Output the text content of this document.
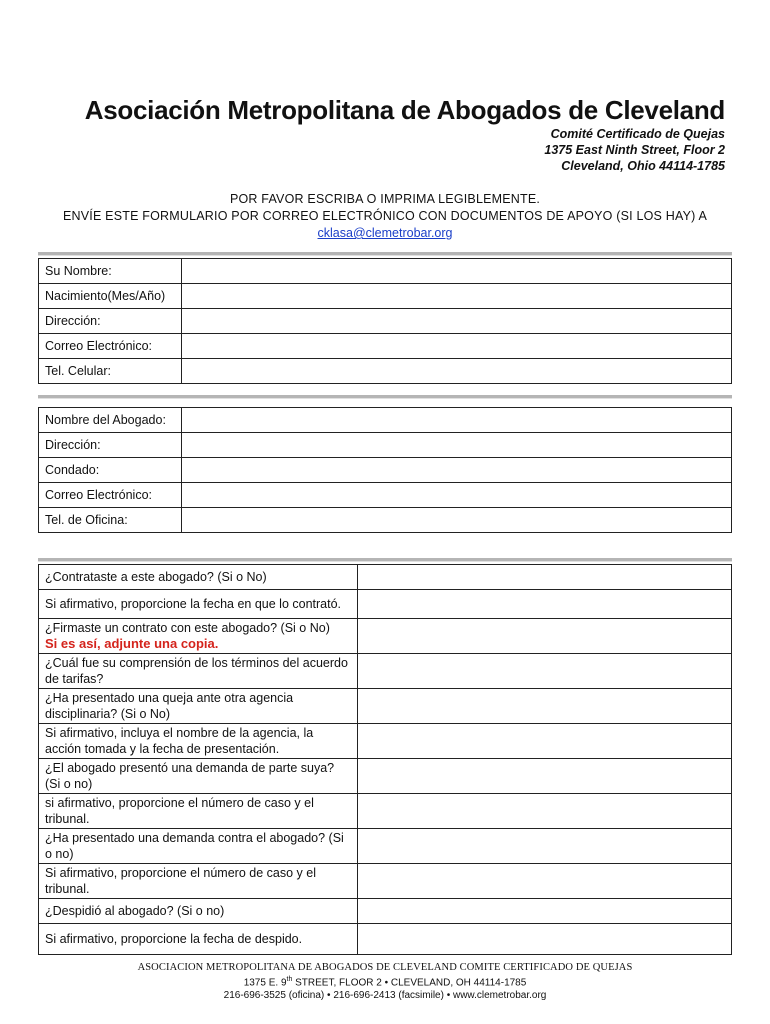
Asociación Metropolitana de Abogados de Cleveland
Comité Certificado de Quejas
1375 East Ninth Street, Floor 2
Cleveland, Ohio 44114-1785
POR FAVOR ESCRIBA O IMPRIMA LEGIBLEMENTE.
ENVÍE ESTE FORMULARIO POR CORREO ELECTRÓNICO CON DOCUMENTOS DE APOYO (SI LOS HAY) A
cklasa@clemetrobar.org
Su Nombre:	
Nacimiento(Mes/Año)	
Dirección:	
Correo Electrónico:	
Tel. Celular:	
Nombre del Abogado:	
Dirección:	
Condado:	
Correo Electrónico:	
Tel. de Oficina:	
¿Contrataste a este abogado? (Si o No)	
Si afirmativo, proporcione la fecha en que lo contrató.	

¿Firmaste un contrato con este abogado? (Si o No)
Si es así, adjunte una copia.	

¿Cuál fue su comprensión de los términos del acuerdo de tarifas?	
¿Ha presentado una queja ante otra agencia disciplinaria? (Si o No)	
Si afirmativo, incluya el nombre de la agencia, la acción tomada y la fecha de presentación.	
¿El abogado presentó una demanda de parte suya? (Si o no)	
si afirmativo, proporcione el número de caso y el tribunal.	
¿Ha presentado una demanda contra el abogado? (Si o no)	
Si afirmativo, proporcione el número de caso y el tribunal.	
¿Despidió al abogado? (Si o no)	
Si afirmativo, proporcione la fecha de despido.	
ASOCIACION METROPOLITANA DE ABOGADOS DE CLEVELAND COMITE CERTIFICADO DE QUEJAS
1375 E. 9th STREET, FLOOR 2 • CLEVELAND, OH 44114-1785
216-696-3525 (oficina) • 216-696-2413 (facsimile) • www.clemetrobar.org
